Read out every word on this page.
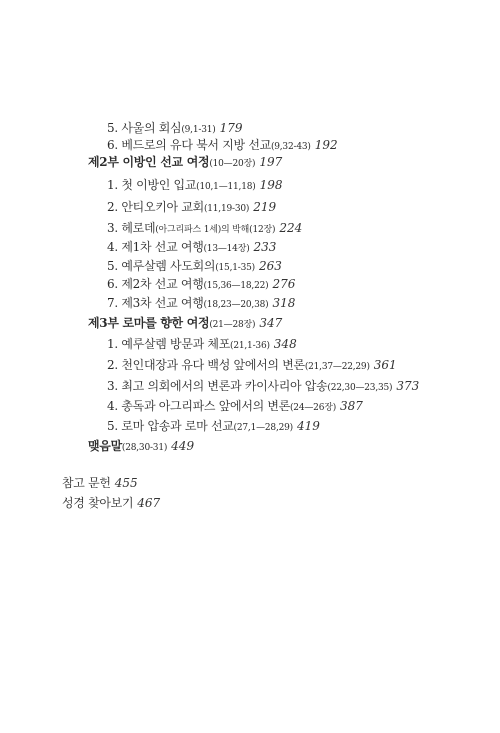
5. 사울의 회심(9,1-31) 179
6. 베드로의 유다 북서 지방 선교(9,32-43) 192
제2부 이방인 선교 여정(10—20장) 197
1. 첫 이방인 입교(10,1—11,18) 198
2. 안티오키아 교회(11,19-30) 219
3. 헤로데(아그리파스 1세)의 박해(12장) 224
4. 제1차 선교 여행(13—14장) 233
5. 예루살렘 사도회의(15,1-35) 263
6. 제2차 선교 여행(15,36—18,22) 276
7. 제3차 선교 여행(18,23—20,38) 318
제3부 로마를 향한 여정(21—28장) 347
1. 예루살렘 방문과 체포(21,1-36) 348
2. 천인대장과 유다 백성 앞에서의 변론(21,37—22,29) 361
3. 최고 의회에서의 변론과 카이사리아 압송(22,30—23,35) 373
4. 총독과 아그리파스 앞에서의 변론(24—26장) 387
5. 로마 압송과 로마 선교(27,1—28,29) 419
맺음말(28,30-31) 449
참고 문헌 455
성경 찾아보기 467
